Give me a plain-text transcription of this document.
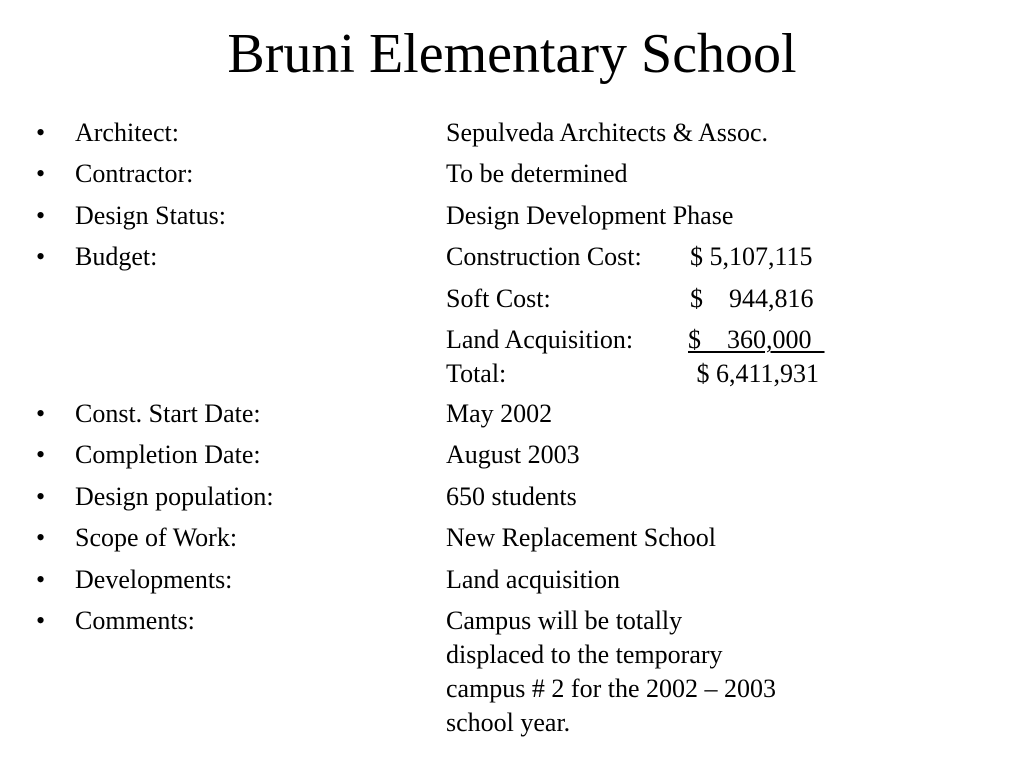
Bruni Elementary School
• Architect:	Sepulveda Architects & Assoc.
• Contractor:	To be determined
• Design Status:	Design Development Phase
• Budget:	Construction Cost: $ 5,107,115
Soft Cost:	$    944,816
Land Acquisition: $    360,000
Total:	$ 6,411,931
• Const. Start Date:	May 2002
• Completion Date:	August 2003
• Design population:	650 students
• Scope of Work:	New Replacement School
• Developments:	Land acquisition
• Comments:	Campus will be totally
displaced to the temporary
campus # 2 for the 2002 – 2003
school year.
